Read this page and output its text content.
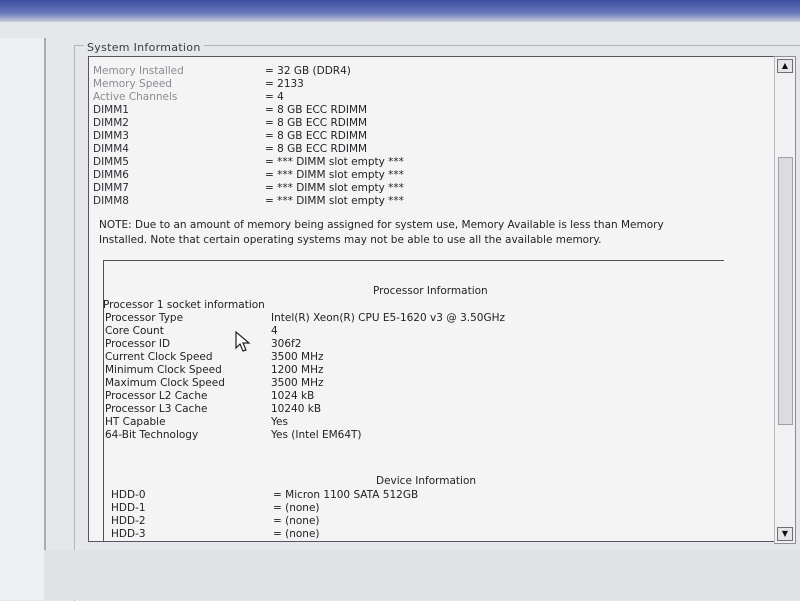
System Information
Memory Installed	= 32 GB (DDR4)
Memory Speed	= 2133
Active Channels	= 4
DIMM1	= 8 GB ECC RDIMM
DIMM2	= 8 GB ECC RDIMM
DIMM3	= 8 GB ECC RDIMM
DIMM4	= 8 GB ECC RDIMM
DIMM5	= *** DIMM slot empty ***
DIMM6	= *** DIMM slot empty ***
DIMM7	= *** DIMM slot empty ***
DIMM8	= *** DIMM slot empty ***
NOTE: Due to an amount of memory being assigned for system use, Memory Available is less than Memory Installed. Note that certain operating systems may not be able to use all the available memory.
Processor Information
Processor 1 socket information
Processor Type	Intel(R) Xeon(R) CPU E5-1620 v3 @ 3.50GHz
Core Count	4
Processor ID	306f2
Current Clock Speed	3500 MHz
Minimum Clock Speed	1200 MHz
Maximum Clock Speed	3500 MHz
Processor L2 Cache	1024 kB
Processor L3 Cache	10240 kB
HT Capable	Yes
64-Bit Technology	Yes (Intel EM64T)
Device Information
HDD-0	= Micron 1100 SATA 512GB
HDD-1	= (none)
HDD-2	= (none)
HDD-3	= (none)
▲
▼
